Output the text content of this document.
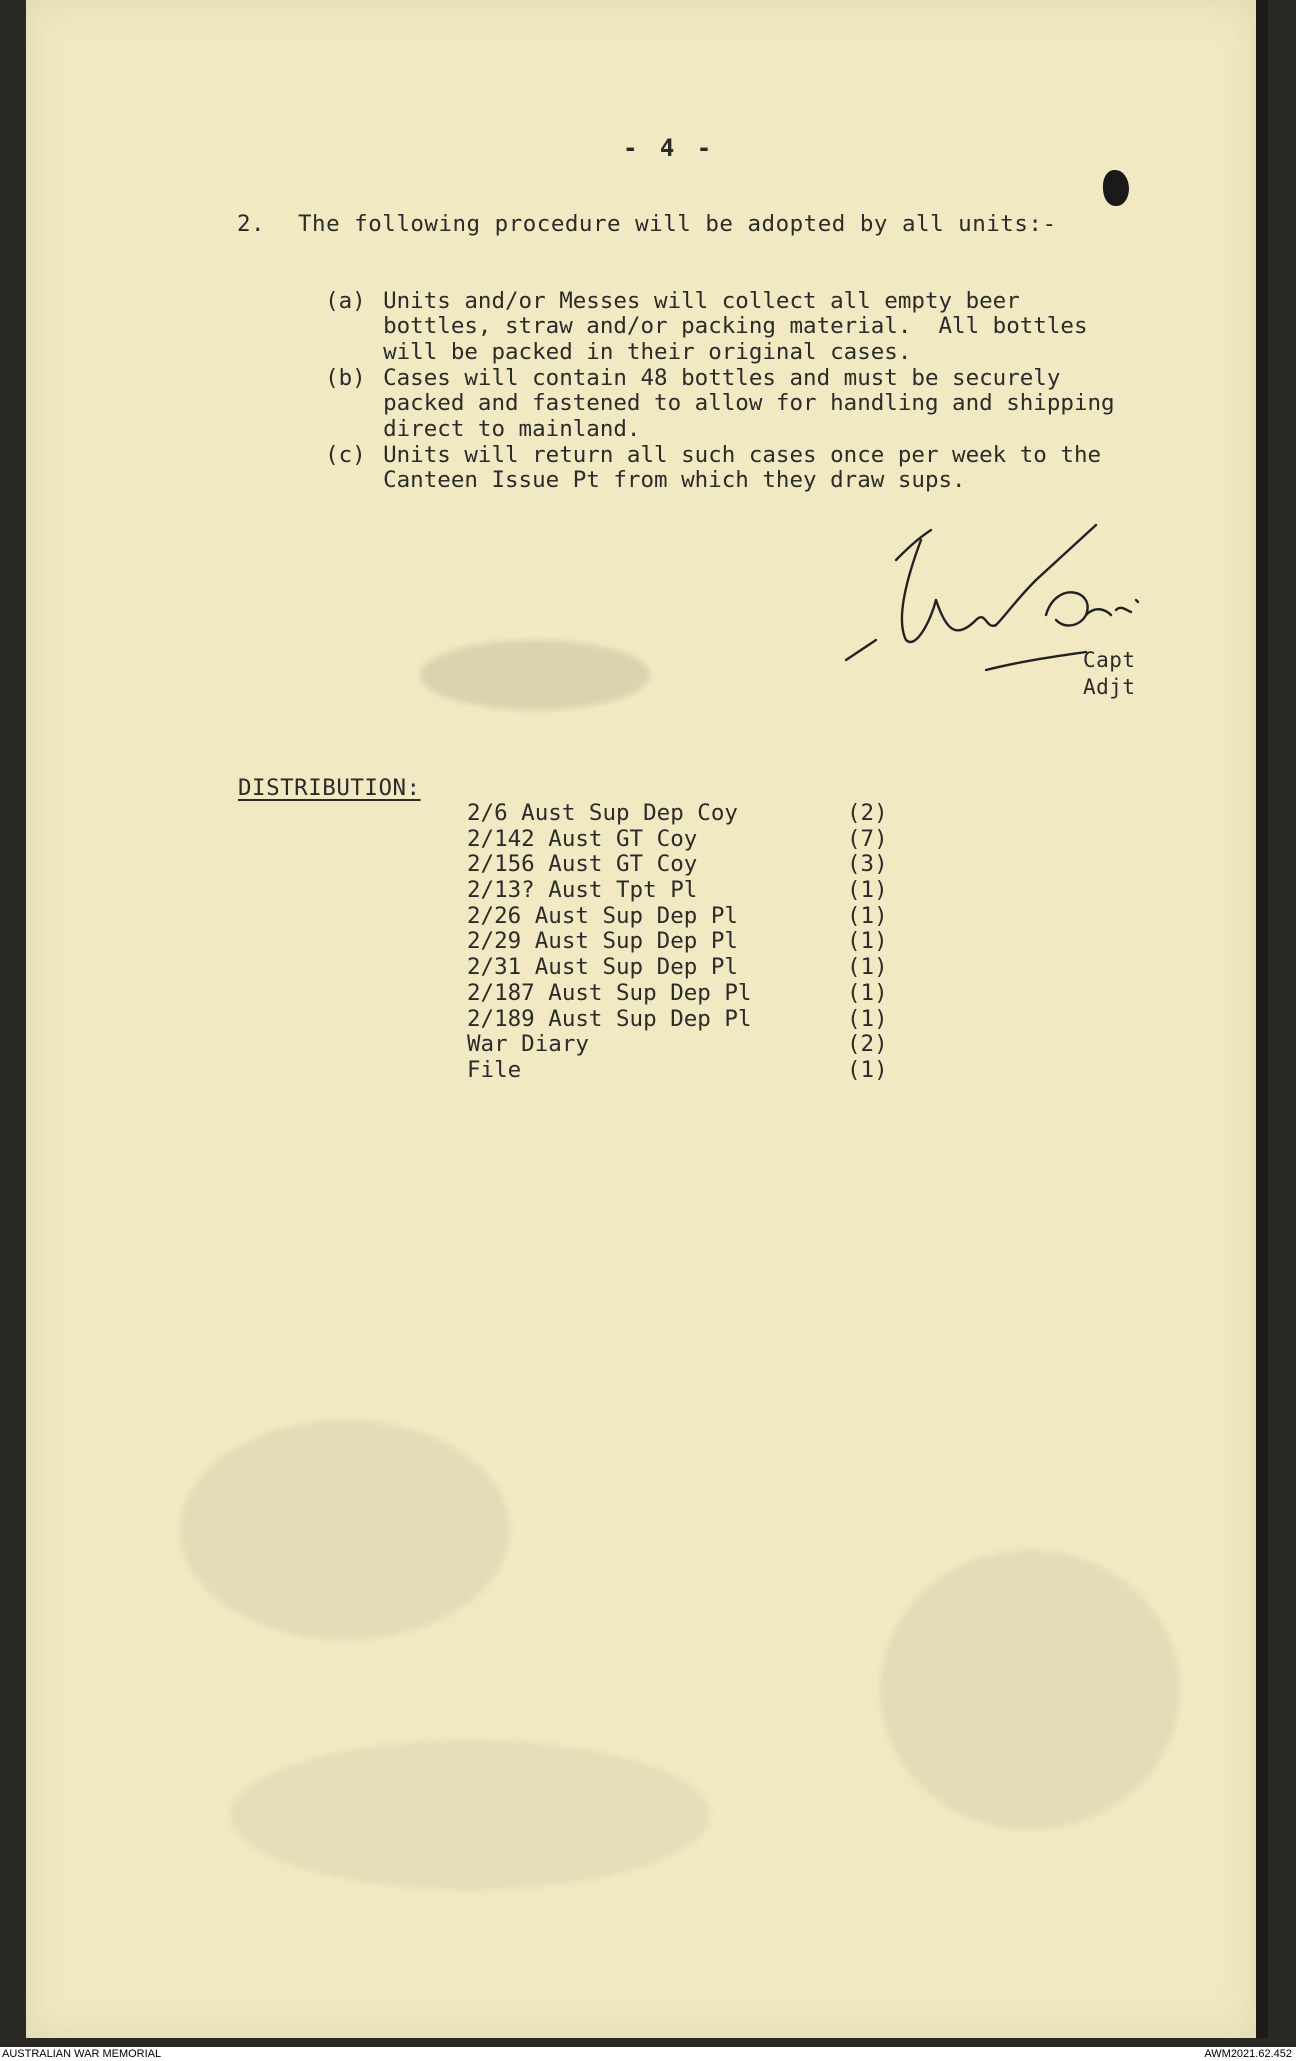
- 4 -
2. The following procedure will be adopted by all units:-

(a) Units and/or Messes will collect all empty beer
bottles, straw and/or packing material.  All bottles
will be packed in their original cases.

(b) Cases will contain 48 bottles and must be securely
packed and fastened to allow for handling and shipping
direct to mainland.

(c) Units will return all such cases once per week to the
Canteen Issue Pt from which they draw sups.

Capt
Adjt
DISTRIBUTION:
2/6 Aust Sup Dep Coy	(2)
2/142 Aust GT Coy	(7)
2/156 Aust GT Coy	(3)
2/13? Aust Tpt Pl	(1)
2/26 Aust Sup Dep Pl	(1)
2/29 Aust Sup Dep Pl	(1)
2/31 Aust Sup Dep Pl	(1)
2/187 Aust Sup Dep Pl	(1)
2/189 Aust Sup Dep Pl	(1)
War Diary	(2)
File	(1)
AUSTRALIAN WAR MEMORIAL	AWM2021.62.452
